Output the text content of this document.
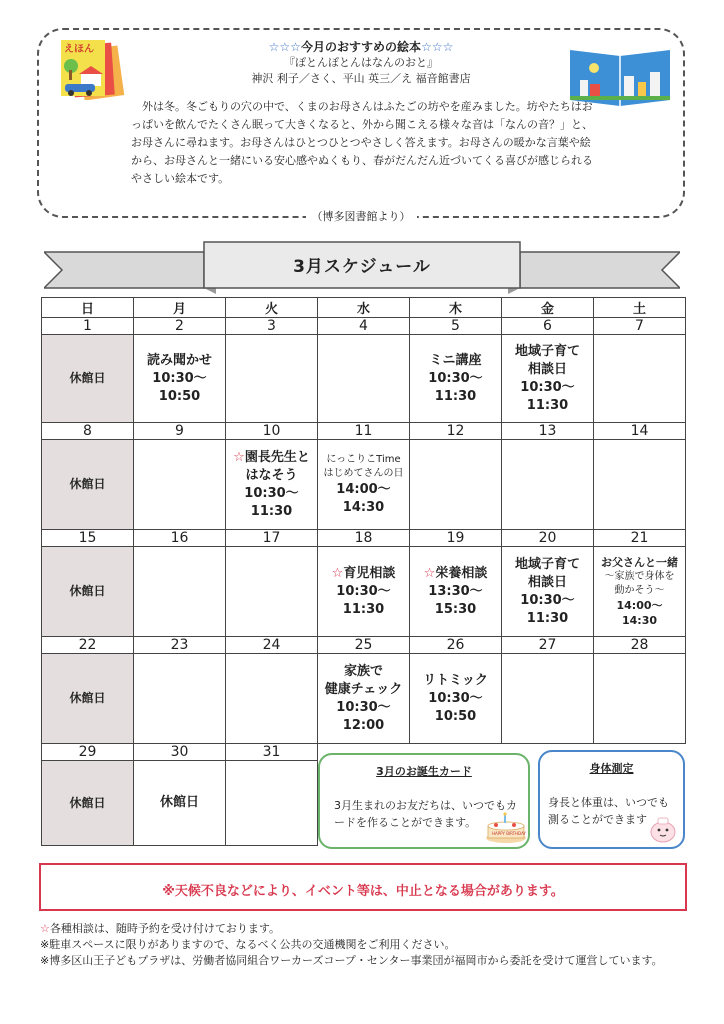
☆☆☆今月のおすすめの絵本☆☆☆
『ぽとんぽとんはなんのおと』
神沢 利子／さく、平山 英三／え 福音館書店
　外は冬。冬ごもりの穴の中で、くまのお母さんはふたごの坊やを産みました。坊やたちはおっぱいを飲んでたくさん眠って大きくなると、外から聞こえる様々な音は「なんの音？」と、お母さんに尋ねます。お母さんはひとつひとつやさしく答えます。お母さんの暖かな言葉や絵から、お母さんと一緒にいる安心感やぬくもり、春がだんだん近づいてくる喜びが感じられるやさしい絵本です。
（博多図書館より）
えほん
3月スケジュール
日	月	火	水	木	金	土
1	2	3	4	5	6	7
休館日	読み聞かせ
10:30〜
10:50			ミニ講座
10:30〜
11:30	地域子育て
相談日
10:30〜
11:30	

8	9	10	11	12	13	14
休館日		☆園長先生と
はなそう
10:30〜
11:30	にっこりこTime
はじめてさんの日
14:00〜
14:30			

15	16	17	18	19	20	21
休館日			☆育児相談
10:30〜
11:30	☆栄養相談
13:30〜
15:30	地域子育て
相談日
10:30〜
11:30	お父さんと一緒
〜家族で身体を
動かそう〜
14:00〜
14:30

22	23	24	25	26	27	28
休館日			家族で
健康チェック
10:30〜
12:00	リトミック
10:30〜
10:50		

29	30	31				
休館日	休館日					

3月のお誕生カード
3月生まれのお友だちは、いつでもカードを作ることができます。
HAPPY BIRTHDAY
身体測定
身長と体重は、いつでも測ることができます
※天候不良などにより、イベント等は、中止となる場合があります。
☆各種相談は、随時予約を受け付けております。
※駐車スペースに限りがありますので、なるべく公共の交通機関をご利用ください。
※博多区山王子どもプラザは、労働者協同組合ワーカーズコープ・センター事業団が福岡市から委託を受けて運営しています。
